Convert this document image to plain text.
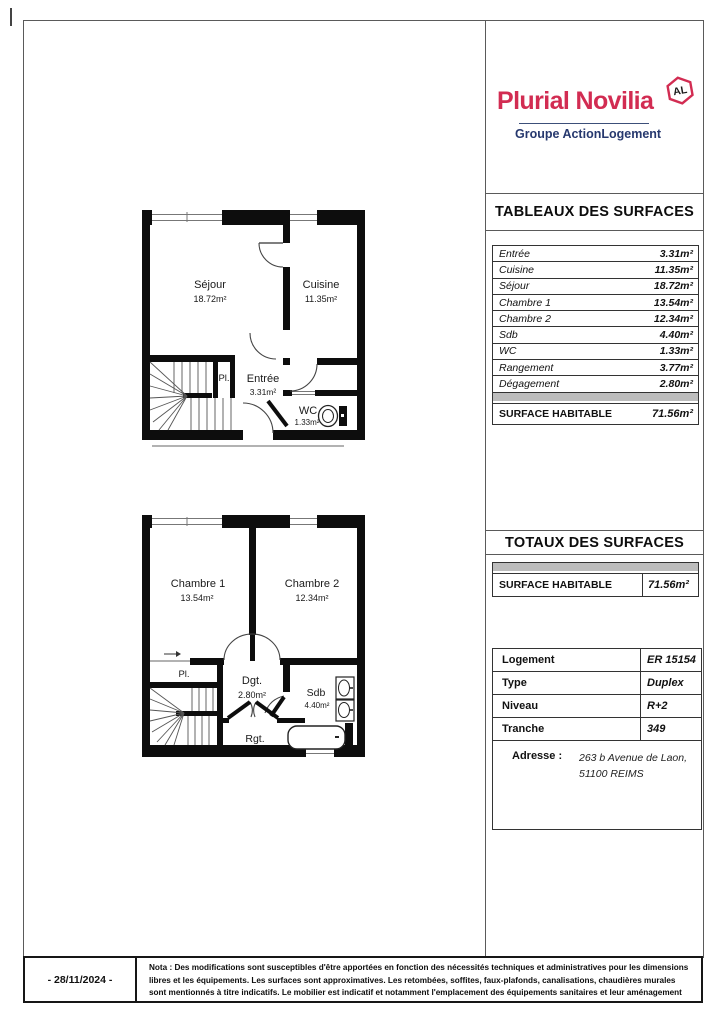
Plurial Novilia AL
Groupe ActionLogement
TABLEAUX DES SURFACES
Entrée	3.31m²
Cuisine	11.35m²
Séjour	18.72m²
Chambre 1	13.54m²
Chambre 2	12.34m²
Sdb	4.40m²
WC	1.33m²
Rangement	3.77m²
Dégagement	2.80m²
SURFACE HABITABLE	71.56m²
TOTAUX DES SURFACES
SURFACE HABITABLE	71.56m²
Logement	ER 15154
Type	Duplex
Niveau	R+2
Tranche	349
Adresse :	263 b Avenue de Laon,
51100 REIMS
Séjour
18.72m²
Cuisine
11.35m²
Entrée
3.31m²
Pl.
WC
1.33m²
Chambre 1
13.54m²
Chambre 2
12.34m²
Pl.
Dgt.
2.80m²	Sdb
4.40m²
Rgt.
- 28/11/2024 -
Nota : Des modifications sont susceptibles d'être apportées en fonction des nécessités techniques et administratives pour les dimensions libres et les équipements. Les surfaces sont approximatives. Les retombées, soffites, faux-plafonds, canalisations, chaudières murales sont mentionnés à titre indicatifs. Le mobilier est indicatif et notamment l'emplacement des équipements sanitaires et leur aménagement
